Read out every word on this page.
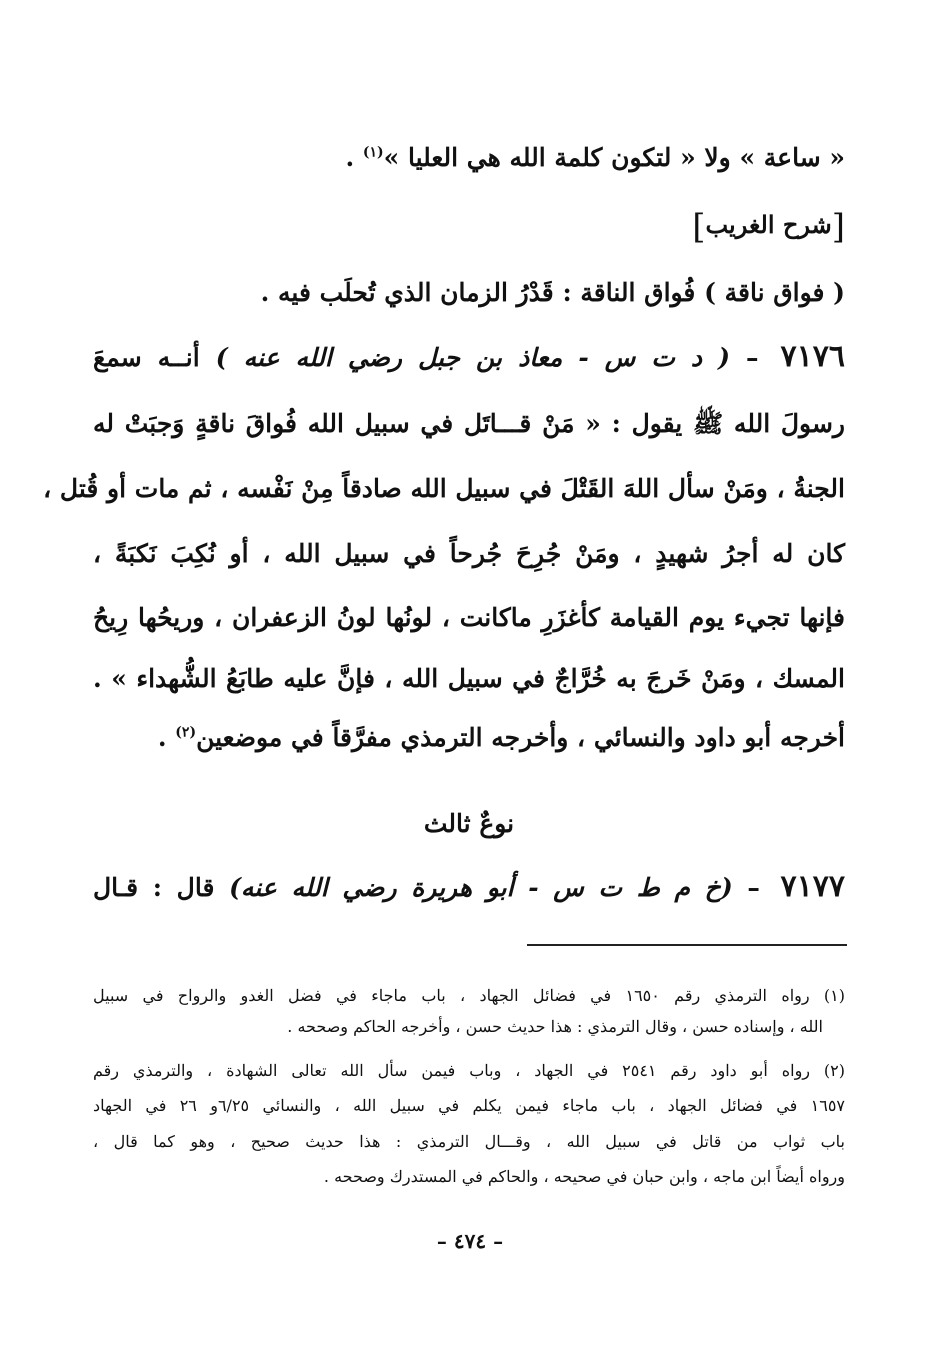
« ساعة » ولا « لتكون كلمة الله هي العليا »$^{(١)}$ .
[شرح الغريب]
( فواق ناقة ) فُواق الناقة : قَدْرُ الزمان الذي تُحلَب فيه .
٧١٧٦ – ( د ت س - معاذ بن جبل رضي الله عنه ) أنــه سمعَ
رسولَ الله ﷺ يقول : « مَنْ قـــاتَل في سبيل الله فُواقَ ناقةٍ وَجبَتْ له
الجنةُ ، ومَنْ سأل اللهَ القَتْلَ في سبيل الله صادقاً مِنْ نَفْسه ، ثم مات أو قُتل ،
كان له أجرُ شهيدٍ ، ومَنْ جُرِحَ جُرحاً في سبيل الله ، أو نُكِبَ نَكبَةً ،
فإنها تجيء يوم القيامة كأغزَرِ ماكانت ، لونُها لونُ الزعفران ، وريحُها رِيحُ
المسك ، ومَنْ خَرجَ به خُرَّاجٌ في سبيل الله ، فإنَّ عليه طابَعُ الشُّهداء » .
أخرجه أبو داود والنسائي ، وأخرجه الترمذي مفرَّقاً في موضعين$^{(٢)}$ .
نوعٌ ثالث
٧١٧٧ – (خ م ط ت س - أبو هريرة رضي الله عنه) قال : قـال
(١) رواه الترمذي رقم ١٦٥٠ في فضائل الجهاد ، باب ماجاء في فضل الغدو والرواح في سبيل
الله ، وإسناده حسن ، وقال الترمذي : هذا حديث حسن ، وأخرجه الحاكم وصححه .
(٢) رواه أبو داود رقم ٢٥٤١ في الجهاد ، وباب فيمن سأل الله تعالى الشهادة ، والترمذي رقم
١٦٥٧ في فضائل الجهاد ، باب ماجاء فيمن يكلم في سبيل الله ، والنسائي ٦/٢٥و ٢٦ في الجهاد
باب ثواب من قاتل في سبيل الله ، وقـــال الترمذي : هذا حديث صحيح ، وهو كما قال ،
ورواه أيضاً ابن ماجه ، وابن حبان في صحيحه ، والحاكم في المستدرك وصححه .
– ٤٧٤ –
